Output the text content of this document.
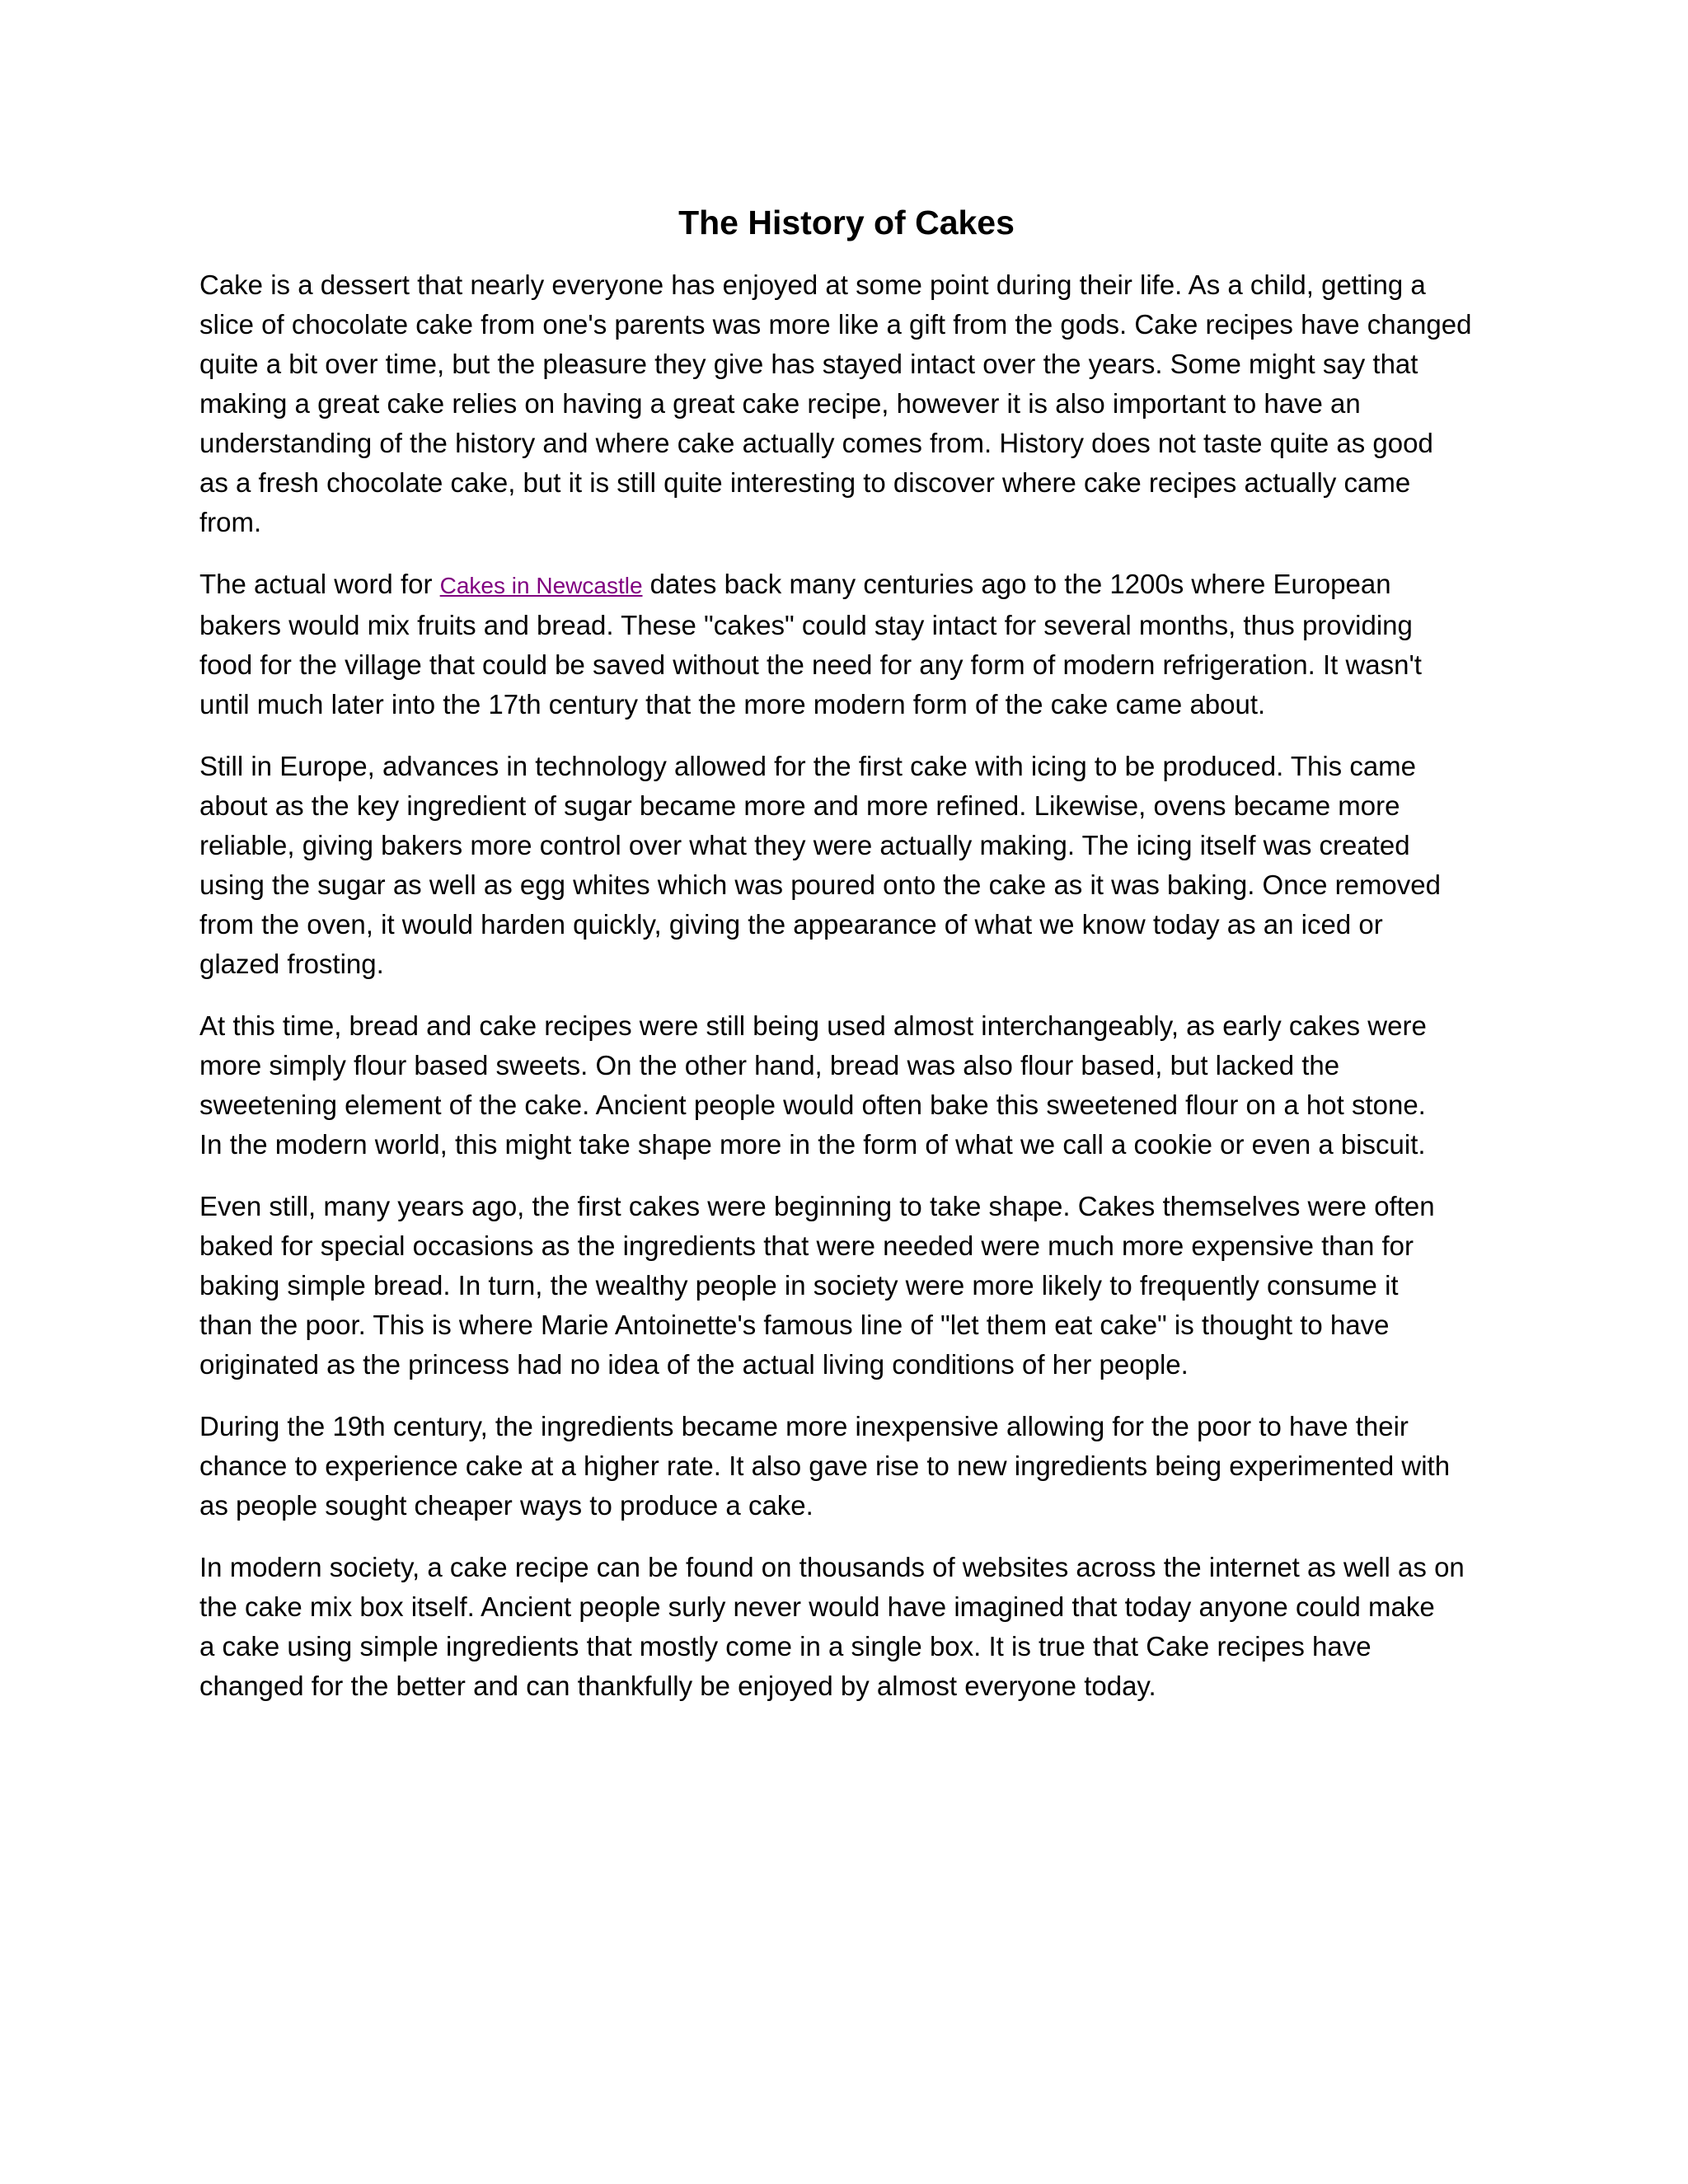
The History of Cakes

Cake is a dessert that nearly everyone has enjoyed at some point during their life. As a child, getting a
slice of chocolate cake from one's parents was more like a gift from the gods. Cake recipes have changed
quite a bit over time, but the pleasure they give has stayed intact over the years. Some might say that
making a great cake relies on having a great cake recipe, however it is also important to have an
understanding of the history and where cake actually comes from. History does not taste quite as good
as a fresh chocolate cake, but it is still quite interesting to discover where cake recipes actually came
from.

The actual word for Cakes in Newcastle dates back many centuries ago to the 1200s where European
bakers would mix fruits and bread. These "cakes" could stay intact for several months, thus providing
food for the village that could be saved without the need for any form of modern refrigeration. It wasn't
until much later into the 17th century that the more modern form of the cake came about.

Still in Europe, advances in technology allowed for the first cake with icing to be produced. This came
about as the key ingredient of sugar became more and more refined. Likewise, ovens became more
reliable, giving bakers more control over what they were actually making. The icing itself was created
using the sugar as well as egg whites which was poured onto the cake as it was baking. Once removed
from the oven, it would harden quickly, giving the appearance of what we know today as an iced or
glazed frosting.

At this time, bread and cake recipes were still being used almost interchangeably, as early cakes were
more simply flour based sweets. On the other hand, bread was also flour based, but lacked the
sweetening element of the cake. Ancient people would often bake this sweetened flour on a hot stone.
In the modern world, this might take shape more in the form of what we call a cookie or even a biscuit.

Even still, many years ago, the first cakes were beginning to take shape. Cakes themselves were often
baked for special occasions as the ingredients that were needed were much more expensive than for
baking simple bread. In turn, the wealthy people in society were more likely to frequently consume it
than the poor. This is where Marie Antoinette's famous line of "let them eat cake" is thought to have
originated as the princess had no idea of the actual living conditions of her people.

During the 19th century, the ingredients became more inexpensive allowing for the poor to have their
chance to experience cake at a higher rate. It also gave rise to new ingredients being experimented with
as people sought cheaper ways to produce a cake.

In modern society, a cake recipe can be found on thousands of websites across the internet as well as on
the cake mix box itself. Ancient people surly never would have imagined that today anyone could make
a cake using simple ingredients that mostly come in a single box. It is true that Cake recipes have
changed for the better and can thankfully be enjoyed by almost everyone today.
